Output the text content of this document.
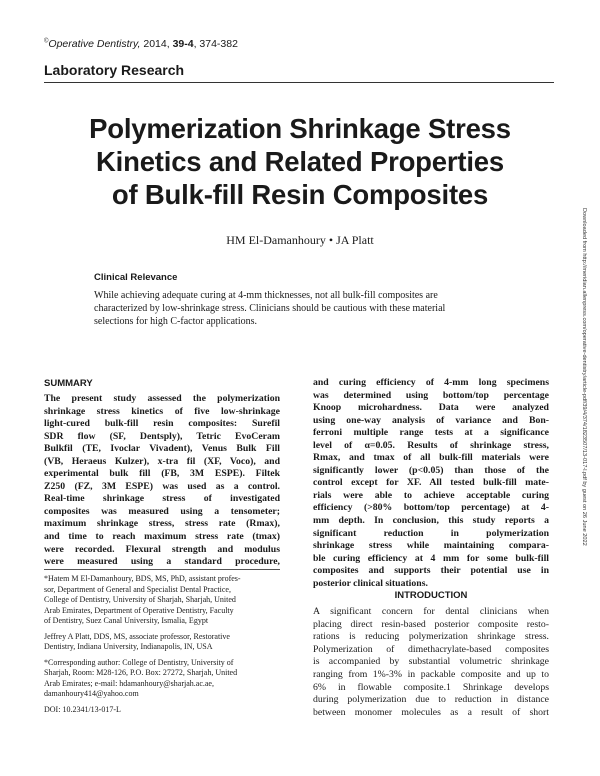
©Operative Dentistry, 2014, 39-4, 374-382
Laboratory Research
Polymerization Shrinkage Stress
Kinetics and Related Properties
of Bulk-fill Resin Composites
HM El-Damanhoury • JA Platt
Clinical Relevance
While achieving adequate curing at 4-mm thicknesses, not all bulk-fill composites are
characterized by low-shrinkage stress. Clinicians should be cautious with these material
selections for high C-factor applications.	Downloaded from http://meridian.allenpress.com/operative-dentistry/article-pdf/39/4/374/1823507/13-017-l.pdf by guest on 26 June 2022
SUMMARY
The present study assessed the polymerization
shrinkage stress kinetics of five low-shrinkage
light-cured bulk-fill resin composites: Surefil
SDR flow (SF, Dentsply), Tetric EvoCeram
Bulkfil (TE, Ivoclar Vivadent), Venus Bulk Fill
(VB, Heraeus Kulzer), x-tra fil (XF, Voco), and
experimental bulk fill (FB, 3M ESPE). Filtek
Z250 (FZ, 3M ESPE) was used as a control.
Real-time shrinkage stress of investigated
composites was measured using a tensometer;
maximum shrinkage stress, stress rate (Rmax),
and time to reach maximum stress rate (tmax)
were recorded. Flexural strength and modulus
were measured using a standard procedure,
and curing efficiency of 4-mm long specimens
was determined using bottom/top percentage
Knoop microhardness. Data were analyzed
using one-way analysis of variance and Bon-
ferroni multiple range tests at a significance
level of α=0.05. Results of shrinkage stress,
Rmax, and tmax of all bulk-fill materials were
significantly lower (p<0.05) than those of the
control except for XF. All tested bulk-fill mate-
rials were able to achieve acceptable curing
efficiency (>80% bottom/top percentage) at 4-
mm depth. In conclusion, this study reports a
significant reduction in polymerization
shrinkage stress while maintaining compara-
ble curing efficiency at 4 mm for some bulk-fill
composites and supports their potential use in
posterior clinical situations.
*Hatem M El-Damanhoury, BDS, MS, PhD, assistant profes-
sor, Department of General and Specialist Dental Practice,
College of Dentistry, University of Sharjah, Sharjah, United
Arab Emirates, Department of Operative Dentistry, Faculty
of Dentistry, Suez Canal University, Ismalia, Egypt
Jeffrey A Platt, DDS, MS, associate professor, Restorative
Dentistry, Indiana University, Indianapolis, IN, USA
*Corresponding author: College of Dentistry, University of
Sharjah, Room: M28-126, P.O. Box: 27272, Sharjah, United
Arab Emirates; e-mail: hdamanhoury@sharjah.ac.ae,
damanhoury414@yahoo.com
DOI: 10.2341/13-017-L
INTRODUCTION
A significant concern for dental clinicians when
placing direct resin-based posterior composite resto-
rations is reducing polymerization shrinkage stress.
Polymerization of dimethacrylate-based composites
is accompanied by substantial volumetric shrinkage
ranging from 1%-3% in packable composite and up to
6% in flowable composite.1 Shrinkage develops
during polymerization due to reduction in distance
between monomer molecules as a result of short
